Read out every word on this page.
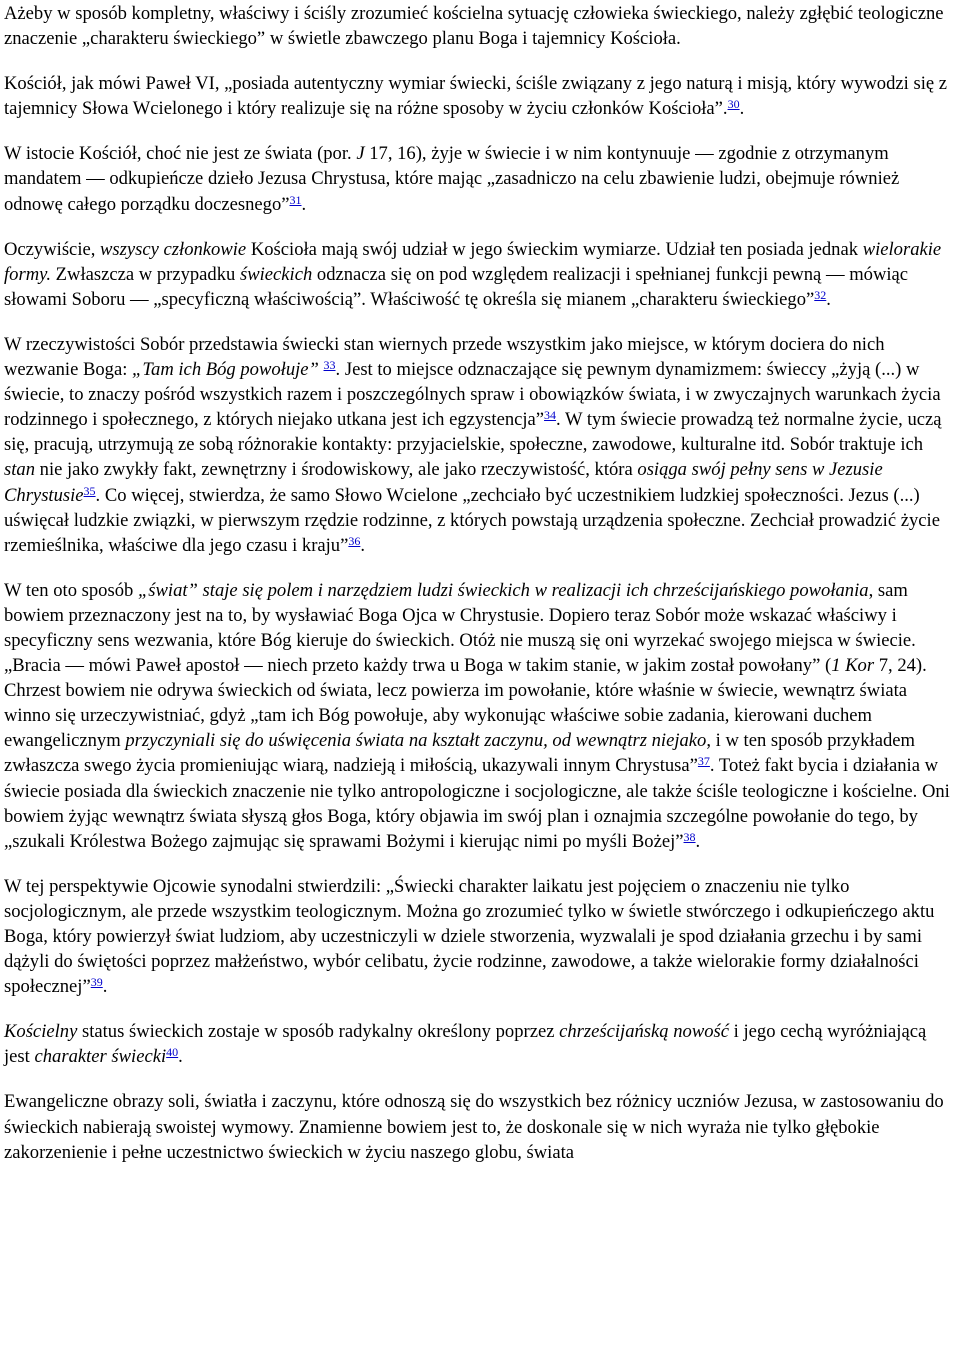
Ażeby w sposób kompletny, właściwy i ściśly zrozumieć kościelna sytuację człowieka świeckiego, należy zgłębić teologiczne znaczenie „charakteru świeckiego” w świetle zbawczego planu Boga i tajemnicy Kościoła.

Kościół, jak mówi Paweł VI, „posiada autentyczny wymiar świecki, ściśle związany z jego naturą i misją, który wywodzi się z tajemnicy Słowa Wcielonego i który realizuje się na różne sposoby w życiu członków Kościoła”.$^{30}$.

W istocie Kościół, choć nie jest ze świata (por. J 17, 16), żyje w świecie i w nim kontynuuje — zgodnie z otrzymanym mandatem — odkupieńcze dzieło Jezusa Chrystusa, które mając „zasadniczo na celu zbawienie ludzi, obejmuje również odnowę całego porządku doczesnego”$^{31}$.

Oczywiście, wszyscy członkowie Kościoła mają swój udział w jego świeckim wymiarze. Udział ten posiada jednak wielorakie formy. Zwłaszcza w przypadku świeckich odznacza się on pod względem realizacji i spełnianej funkcji pewną — mówiąc słowami Soboru — „specyficzną właściwością”. Właściwość tę określa się mianem „charakteru świeckiego”$^{32}$.

W rzeczywistości Sobór przedstawia świecki stan wiernych przede wszystkim jako miejsce, w którym dociera do nich wezwanie Boga: „Tam ich Bóg powołuje” $^{33}$. Jest to miejsce odznaczające się pewnym dynamizmem: świeccy „żyją (...) w świecie, to znaczy pośród wszystkich razem i poszczególnych spraw i obowiązków świata, i w zwyczajnych warunkach życia rodzinnego i społecznego, z których niejako utkana jest ich egzystencja”$^{34}$. W tym świecie prowadzą też normalne życie, uczą się, pracują, utrzymują ze sobą różnorakie kontakty: przyjacielskie, społeczne, zawodowe, kulturalne itd. Sobór traktuje ich stan nie jako zwykły fakt, zewnętrzny i środowiskowy, ale jako rzeczywistość, która osiąga swój pełny sens w Jezusie Chrystusie$^{35}$. Co więcej, stwierdza, że samo Słowo Wcielone „zechciało być uczestnikiem ludzkiej społeczności. Jezus (...) uświęcał ludzkie związki, w pierwszym rzędzie rodzinne, z których powstają urządzenia społeczne. Zechciał prowadzić życie rzemieślnika, właściwe dla jego czasu i kraju”$^{36}$.

W ten oto sposób „świat” staje się polem i narzędziem ludzi świeckich w realizacji ich chrześcijańskiego powołania, sam bowiem przeznaczony jest na to, by wysławiać Boga Ojca w Chrystusie. Dopiero teraz Sobór może wskazać właściwy i specyficzny sens wezwania, które Bóg kieruje do świeckich. Otóż nie muszą się oni wyrzekać swojego miejsca w świecie. „Bracia — mówi Paweł apostoł — niech przeto każdy trwa u Boga w takim stanie, w jakim został powołany” (1 Kor 7, 24). Chrzest bowiem nie odrywa świeckich od świata, lecz powierza im powołanie, które właśnie w świecie, wewnątrz świata winno się urzeczywistniać, gdyż „tam ich Bóg powołuje, aby wykonując właściwe sobie zadania, kierowani duchem ewangelicznym przyczyniali się do uświęcenia świata na kształt zaczynu, od wewnątrz niejako, i w ten sposób przykładem zwłaszcza swego życia promieniując wiarą, nadzieją i miłością, ukazywali innym Chrystusa”$^{37}$. Toteż fakt bycia i działania w świecie posiada dla świeckich znaczenie nie tylko antropologiczne i socjologiczne, ale także ściśle teologiczne i kościelne. Oni bowiem żyjąc wewnątrz świata słyszą głos Boga, który objawia im swój plan i oznajmia szczególne powołanie do tego, by „szukali Królestwa Bożego zajmując się sprawami Bożymi i kierując nimi po myśli Bożej”$^{38}$.

W tej perspektywie Ojcowie synodalni stwierdzili: „Świecki charakter laikatu jest pojęciem o znaczeniu nie tylko socjologicznym, ale przede wszystkim teologicznym. Można go zrozumieć tylko w świetle stwórczego i odkupieńczego aktu Boga, który powierzył świat ludziom, aby uczestniczyli w dziele stworzenia, wyzwalali je spod działania grzechu i by sami dążyli do świętości poprzez małżeństwo, wybór celibatu, życie rodzinne, zawodowe, a także wielorakie formy działalności społecznej”$^{39}$.

Kościelny status świeckich zostaje w sposób radykalny określony poprzez chrześcijańską nowość i jego cechą wyróżniającą jest charakter świecki$^{40}$.

Ewangeliczne obrazy soli, światła i zaczynu, które odnoszą się do wszystkich bez różnicy uczniów Jezusa, w zastosowaniu do świeckich nabierają swoistej wymowy. Znamienne bowiem jest to, że doskonale się w nich wyraża nie tylko głębokie zakorzenienie i pełne uczestnictwo świeckich w życiu naszego globu, świata
